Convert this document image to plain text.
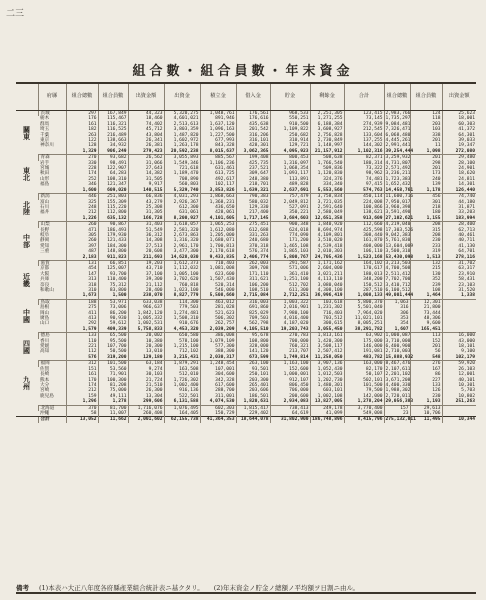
二三
組合數・組合員數・年末資金
	府縣	組合總數	組合員數	出資金額	出資金	積立金	借入金	貯金	剩餘金	合計	組合總數	組合員數	出資金額
關東	茨城	297	167,849	44,323	5,320,275	1,048,761	176,561	968,533	2,251,305	123,415	2,983,766	124	25,623
	栃木	176	115,467	18,460	4,601,021	891,946	176,616	550,251	1,271,255	73,145	1,735,297	118	18,001
	群馬	161	116,321	74,402	2,513,613	1,637,120	435,638	910,500	6,188,384	274,939	9,084,481	203	60,303
	埼玉	182	116,525	45,712	3,803,359	1,096,163	201,542	1,109,822	3,608,927	212,545	7,326,471	103	41,372
	千葉	263	216,489	43,804	1,487,820	1,227,500	316,206	250,682	2,756,828	133,604	6,068,480	338	64,301
	東京	122	138,663	26,341	1,602,972	677,993	316,101	310,914	2,730,849	137,255	4,445,261	201	39,033
	神奈川	128	34,932	26,381	1,263,178	843,328	428,301	129,721	1,148,997	144,302	2,991,441	11	19,347
		1,329	906,249	279,423	20,592,238	8,015,637	3,062,365	4,095,923	21,157,912	1,102,316	39,254,444	1,098	272,080
東北	青森	270	93,682	26,562	3,055,893	885,567	199,408	800,453	508,638	82,371	3,259,932	201	29,480
	岩手	330	98,491	31,066	1,549,346	1,106,236	425,735	1,316,097	1,766,540	180,314	4,731,807	298	28,100
	宮城	228	122,907	27,643	721,618	631,461	237,521	1,068,354	509,836	73,322	2,571,492	201	24,901
	秋田	174	64,283	14,382	1,189,470	613,725	309,647	1,093,117	1,120,830	98,962	3,236,211	173	18,620
	山形	252	108,310	31,505	708,890	492,617	248,380	113,891	324,376	74,481	1,723,383	240	24,811
	福島	346	121,347	9,917	560,803	102,117	218,701	489,828	334,340	97,415	1,652,432	139	14,301
		1,600	609,020	140,515	5,329,740	3,853,826	1,639,321	2,637,691	5,553,560	574,763	14,458,761	1,178	126,440
北陸	新潟	446	251,803	66,836	4,031,293	1,868,663	790,383	757,479	3,758,834	450,114	11,600,716	456	74,740
	富山	325	155,309	43,279	2,926,367	1,368,231	580,032	2,049,812	3,721,035	224,008	7,950,017	301	44,180
	石川	248	115,220	25,308	612,300	436,650	129,330	527,091	2,591,640	100,866	3,960,398	218	31,871
	福井	212	112,800	31,305	631,061	428,061	217,400	350,221	2,580,049	138,621	3,591,490	180	33,203
		1,226	635,132	166,728	8,200,927	4,101,605	1,717,145	3,684,603	12,651,358	913,609	27,102,621	1,155	183,994
中部	山梨	260	90,867	31,403	1,618,057	1,065,253	275,451	900,348	1,840,920	112,660	4,219,040	208	28,400
	長野	471	186,493	51,549	2,581,320	1,612,080	612,688	624,018	8,694,974	425,598	17,303,526	315	62,713
	岐阜	305	179,930	36,312	2,673,863	1,205,000	331,263	774,090	4,109,801	308,440	9,042,383	208	40,461
	靜岡	260	121,433	14,308	1,316,320	1,680,071	240,680	171,200	3,510,020	161,870	5,761,830	230	40,711
	愛知	397	184,300	27,513	2,961,170	1,700,813	370,318	1,465,108	4,539,418	408,000	13,604,009	233	41,130
	三重	487	148,800	20,608	3,477,300	2,170,618	576,374	1,865,103	2,010,303	106,110	3,500,310	319	64,701
		2,183	911,823	211,693	14,628,030	9,433,835	2,406,774	5,800,767	24,705,436	1,523,168	53,430,098	1,513	278,116
近畿	滋賀	131	66,851	19,203	1,612,373	710,403	262,003	291,587	1,171,162	164,102	3,213,503	132	31,702
	京都	454	125,007	43,710	1,112,032	1,081,008	309,708	571,006	2,604,000	170,617	4,700,508	215	63,317
	大阪	147	93,700	37,100	1,005,100	623,600	171,110	361,410	3,021,211	180,013	2,511,412	130	23,910
	兵庫	313	110,400	39,300	3,702,620	1,507,430	311,621	1,251,100	4,113,110	348,200	7,702,700	352	58,431
	奈良	318	75,312	21,112	760,818	520,314	106,200	512,702	3,080,040	150,512	3,410,712	239	23,103
	和歌山	310	83,800	28,400	1,023,100	546,000	108,510	611,300	4,308,100	287,510	6,100,512	108	31,520
		1,673	1,500	238,070	8,827,779	5,508,660	2,715,084	2,712,251	36,996,419	1,008,133	49,001,444	1,464	1,338
中國	鳥取	188	53,971	633,038	114,300	463,012	316,003	1,003,322	103,618	5,800,370	1,063	12,301	
	島根	275	73,006	966,637	779,503	281,028	691,860	2,016,901	1,231,302	5,501,040	316	21,800	
	岡山	411	86,200	1,842,120	1,274,481	521,623	825,029	7,980,100	716,403	7,964,020	306	73,444	
	廣島	413	90,930	1,005,332	1,508,310	506,302	709,503	4,016,400	703,512	11,021,101	353	48,306	
	山口	292	59,612	1,002,531	910,676	262,757	562,798	4,187,020	300,615	8,005,251	354	9,600	
		1,579	409,339	5,758,833	4,453,320	2,039,209	4,105,510	19,203,743	3,055,450	38,291,782	1,607	165,451	
四國	德島	133	65,500	20,002	650,580	386,008	95,678	270,783	1,813,161	63,902	1,000,087	113	16,000
	香川	110	95,500	10,380	578,100	1,079,109	108,800	700,000	1,420,300	175,000	3,710,000	152	43,000
	愛媛	221	107,700	20,300	1,215,100	577,300	328,000	760,321	3,508,117	146,000	6,400,900	201	18,101
	高知	112	50,500	13,010	712,102	388,300	141,120	213,707	2,507,412	191,081	2,710,003	56	9,100
		576	319,200	129,180	3,215,431	2,030,317	673,599	1,749,814	11,258,050	483,782	15,888,932	548	102,179
九州	福岡	312	101,500	63,184	1,879,291	1,248,454	263,100	1,163,100	3,907,136	163,000	8,467,476	276	59,920
	佐賀	151	53,560	9,274	163,508	107,001	93,501	152,600	1,052,430	82,170	2,107,611	167	26,103
	長崎	161	71,901	30,103	512,010	304,600	250,101	1,000,001	1,012,503	50,107	2,201,102	86	12,001
	熊本	170	100,300	21,724	1,726,302	342,328	203,300	912,107	1,202,730	502,101	3,671,208	227	40,101
	大分	174	81,208	21,510	1,002,400	617,600	265,401	806,450	1,480,301	101,500	4,400,330	133	10,301
	宮崎	212	75,000	26,300	916,136	288,700	203,606	706,000	603,101	79,500	1,988,302	126	5,703
	鹿兒島	159	49,111	13,304	522,501	311,001	186,501	200,600	1,002,108	142,000	2,720,011	230	10,802
		1,296	1,278	299,606	6,131,588	4,074,530	1,820,631	2,934,083	13,827,005	1,278,204	29,056,383	1,193	251,263
	北海道	370	81,700	1,716,076	1,076,495	602,303	1,815,417	738,413	249,178	3,770,400	157	29,613	
	沖繩	58	11,007	260,408	164,405	150,729	229,402	64,619	41,099	549,008	23	10,706	
	合計	13,052	11,662	2,001,602	62,155,738	41,364,353	18,644,078	31,802,900	186,748,896	8,415,796	275,132,011	11,495	10,344
備考 (1)本表ハ大正八年度各府縣產業組合統計表ニ基クタリ。 (2)年末資金ノ貯金ノ總額ノ平均額ヲ日割ニ由ル。
